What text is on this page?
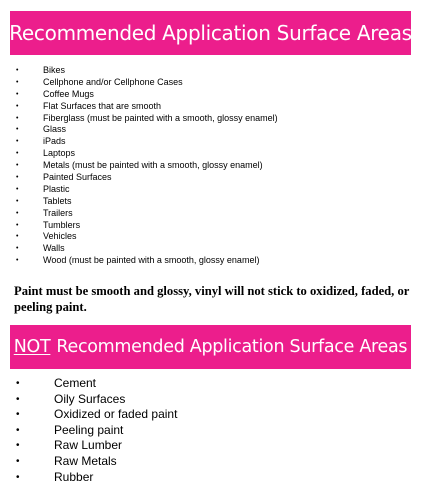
Recommended Application Surface Areas
•	Bikes
•	Cellphone and/or Cellphone Cases
•	Coffee Mugs
•	Flat Surfaces that are smooth
•	Fiberglass (must be painted with a smooth, glossy enamel)
•	Glass
•	iPads
•	Laptops
•	Metals (must be painted with a smooth, glossy enamel)
•	Painted Surfaces
•	Plastic
•	Tablets
•	Trailers
•	Tumblers
•	Vehicles
•	Walls
•	Wood (must be painted with a smooth, glossy enamel)
Paint must be smooth and glossy, vinyl will not stick to oxidized, faded, or peeling paint.
NOT Recommended Application Surface Areas
•	Cement
•	Oily Surfaces
•	Oxidized or faded paint
•	Peeling paint
•	Raw Lumber
•	Raw Metals
•	Rubber
